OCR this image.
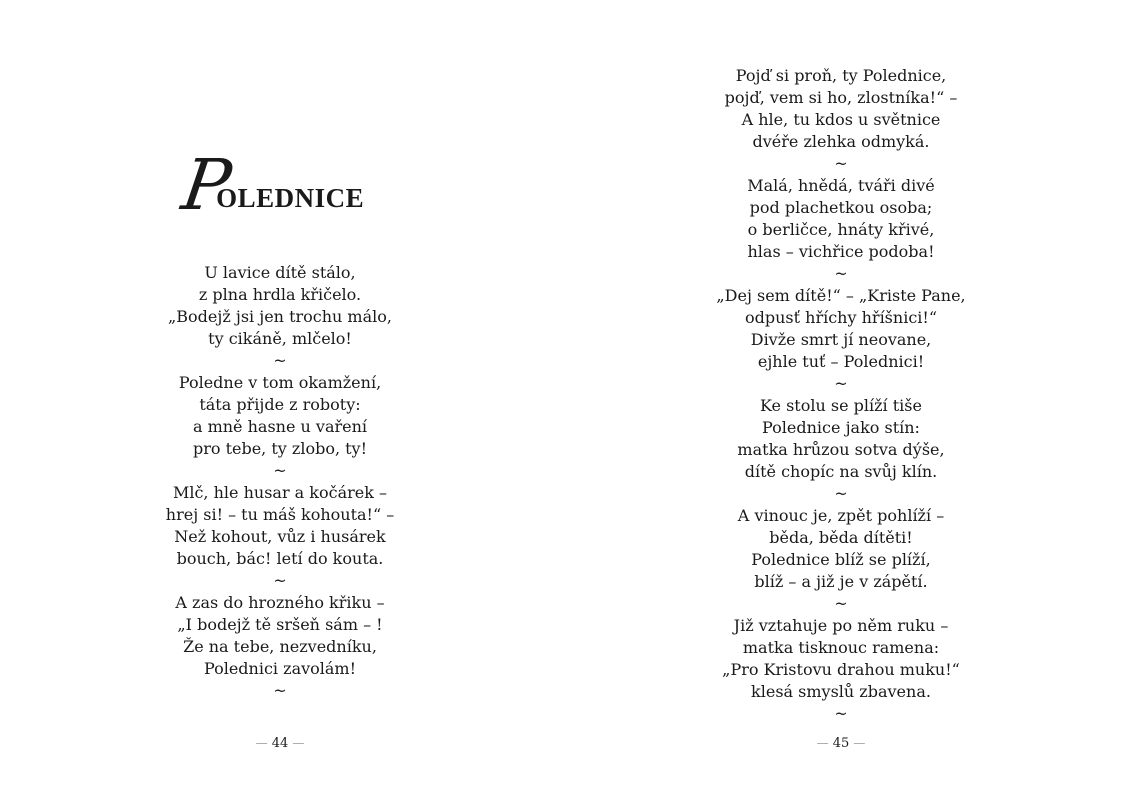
POLEDNICE
U lavice dítě stálo,
z plna hrdla křičelo.
„Bodejž jsi jen trochu málo,
ty cikáně, mlčelo!
~
Poledne v tom okamžení,
táta přijde z roboty:
a mně hasne u vaření
pro tebe, ty zlobo, ty!
~
Mlč, hle husar a kočárek –
hrej si! – tu máš kohouta!“ –
Než kohout, vůz i husárek
bouch, bác! letí do kouta.
~
A zas do hrozného křiku –
„I bodejž tě sršeň sám – !
Že na tebe, nezvedníku,
Polednici zavolám!
~
— 44 —
Pojď si proň, ty Polednice,
pojď, vem si ho, zlostníka!“ –
A hle, tu kdos u světnice
dvéře zlehka odmyká.
~
Malá, hnědá, tváři divé
pod plachetkou osoba;
o berličce, hnáty křivé,
hlas – vichřice podoba!
~
„Dej sem dítě!“ – „Kriste Pane,
odpusť hříchy hříšnici!“
Divže smrt jí neovane,
ejhle tuť – Polednici!
~
Ke stolu se plíží tiše
Polednice jako stín:
matka hrůzou sotva dýše,
dítě chopíc na svůj klín.
~
A vinouc je, zpět pohlíží –
běda, běda dítěti!
Polednice blíž se plíží,
blíž – a již je v zápětí.
~
Již vztahuje po něm ruku –
matka tisknouc ramena:
„Pro Kristovu drahou muku!“
klesá smyslů zbavena.
~
— 45 —
